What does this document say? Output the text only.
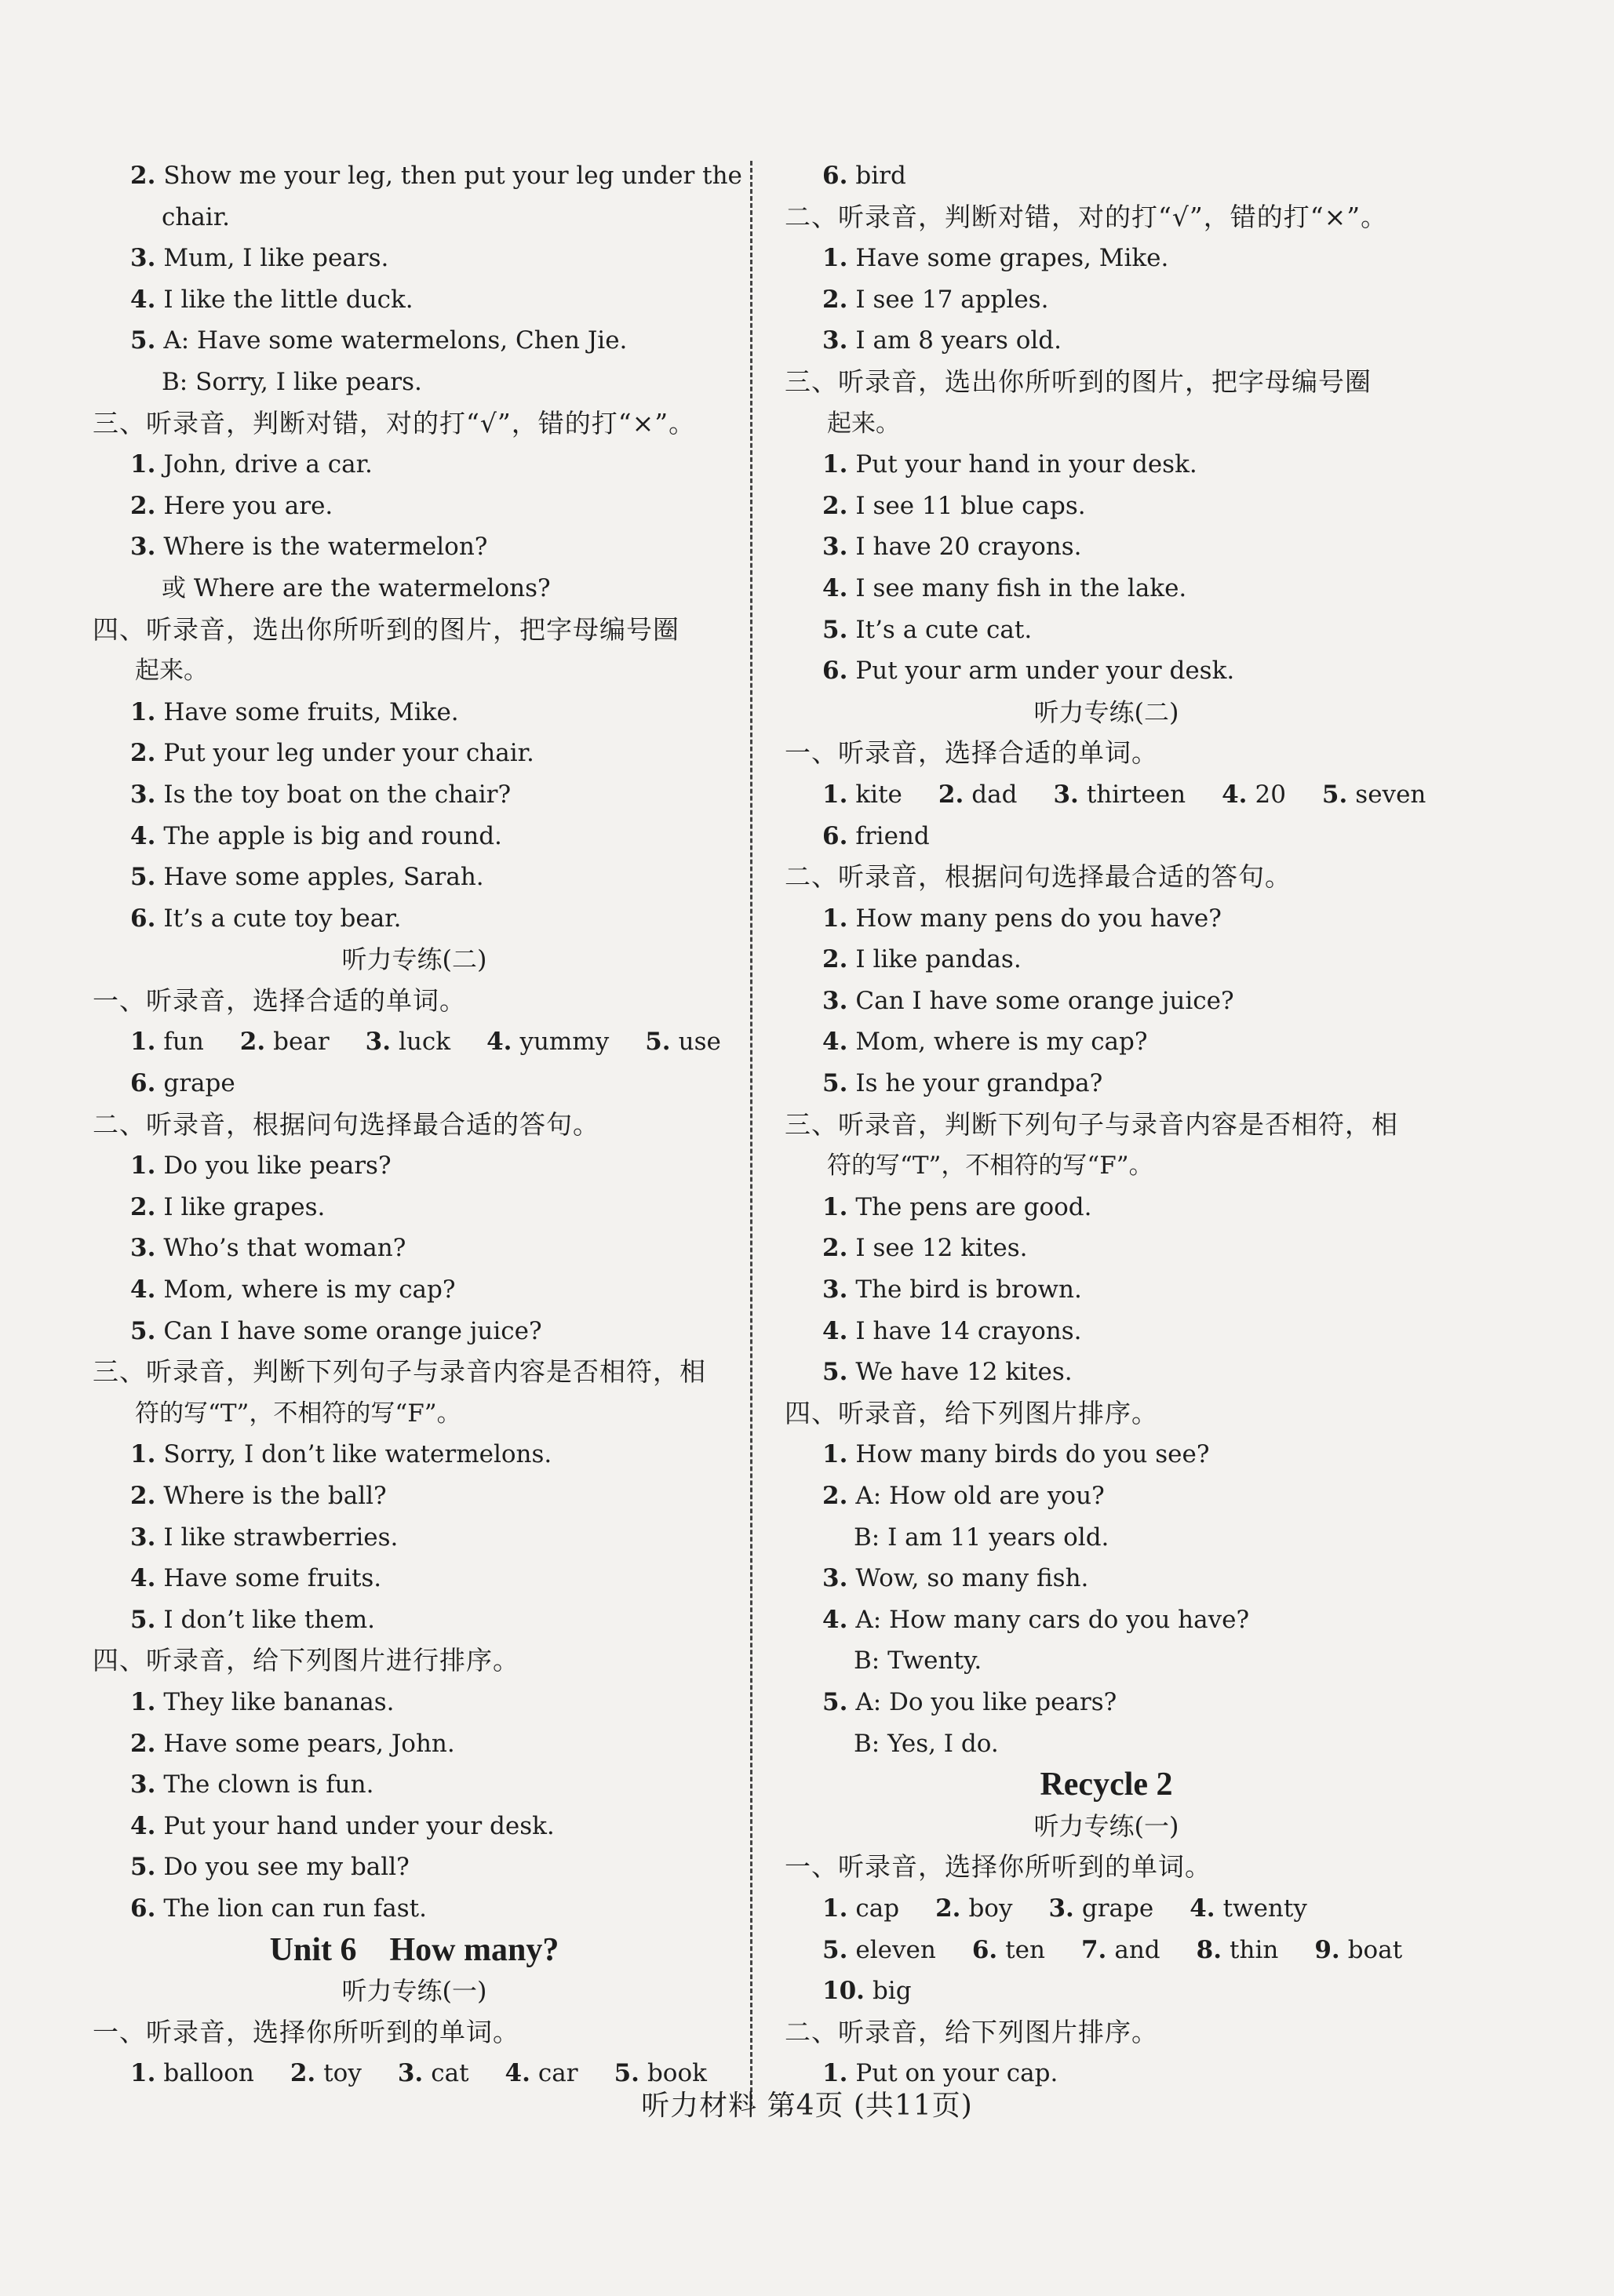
2. Show me your leg, then put your leg under the
chair.
3. Mum, I like pears.
4. I like the little duck.
5. A: Have some watermelons, Chen Jie.
B: Sorry, I like pears.
三、听录音，判断对错，对的打“√”，错的打“×”。
1. John, drive a car.
2. Here you are.
3. Where is the watermelon?
或 Where are the watermelons?
四、听录音，选出你所听到的图片，把字母编号圈
起来。
1. Have some fruits, Mike.
2. Put your leg under your chair.
3. Is the toy boat on the chair?
4. The apple is big and round.
5. Have some apples, Sarah.
6. It’s a cute toy bear.
听力专练(二)
一、听录音，选择合适的单词。
1. fun 2. bear 3. luck 4. yummy 5. use
6. grape
二、听录音，根据问句选择最合适的答句。
1. Do you like pears?
2. I like grapes.
3. Who’s that woman?
4. Mom, where is my cap?
5. Can I have some orange juice?
三、听录音，判断下列句子与录音内容是否相符，相
符的写“T”，不相符的写“F”。
1. Sorry, I don’t like watermelons.
2. Where is the ball?
3. I like strawberries.
4. Have some fruits.
5. I don’t like them.
四、听录音，给下列图片进行排序。
1. They like bananas.
2. Have some pears, John.
3. The clown is fun.
4. Put your hand under your desk.
5. Do you see my ball?
6. The lion can run fast.
Unit 6    How many?
听力专练(一)
一、听录音，选择你所听到的单词。
1. balloon 2. toy 3. cat 4. car 5. book
6. bird
二、听录音，判断对错，对的打“√”，错的打“×”。
1. Have some grapes, Mike.
2. I see 17 apples.
3. I am 8 years old.
三、听录音，选出你所听到的图片，把字母编号圈
起来。
1. Put your hand in your desk.
2. I see 11 blue caps.
3. I have 20 crayons.
4. I see many fish in the lake.
5. It’s a cute cat.
6. Put your arm under your desk.
听力专练(二)
一、听录音，选择合适的单词。
1. kite 2. dad 3. thirteen 4. 20 5. seven
6. friend
二、听录音，根据问句选择最合适的答句。
1. How many pens do you have?
2. I like pandas.
3. Can I have some orange juice?
4. Mom, where is my cap?
5. Is he your grandpa?
三、听录音，判断下列句子与录音内容是否相符，相
符的写“T”，不相符的写“F”。
1. The pens are good.
2. I see 12 kites.
3. The bird is brown.
4. I have 14 crayons.
5. We have 12 kites.
四、听录音，给下列图片排序。
1. How many birds do you see?
2. A: How old are you?
B: I am 11 years old.
3. Wow, so many fish.
4. A: How many cars do you have?
B: Twenty.
5. A: Do you like pears?
B: Yes, I do.
Recycle 2
听力专练(一)
一、听录音，选择你所听到的单词。
1. cap 2. boy 3. grape 4. twenty
5. eleven 6. ten 7. and 8. thin 9. boat
10. big
二、听录音，给下列图片排序。
1. Put on your cap.
听力材料 第4页 (共11页)
